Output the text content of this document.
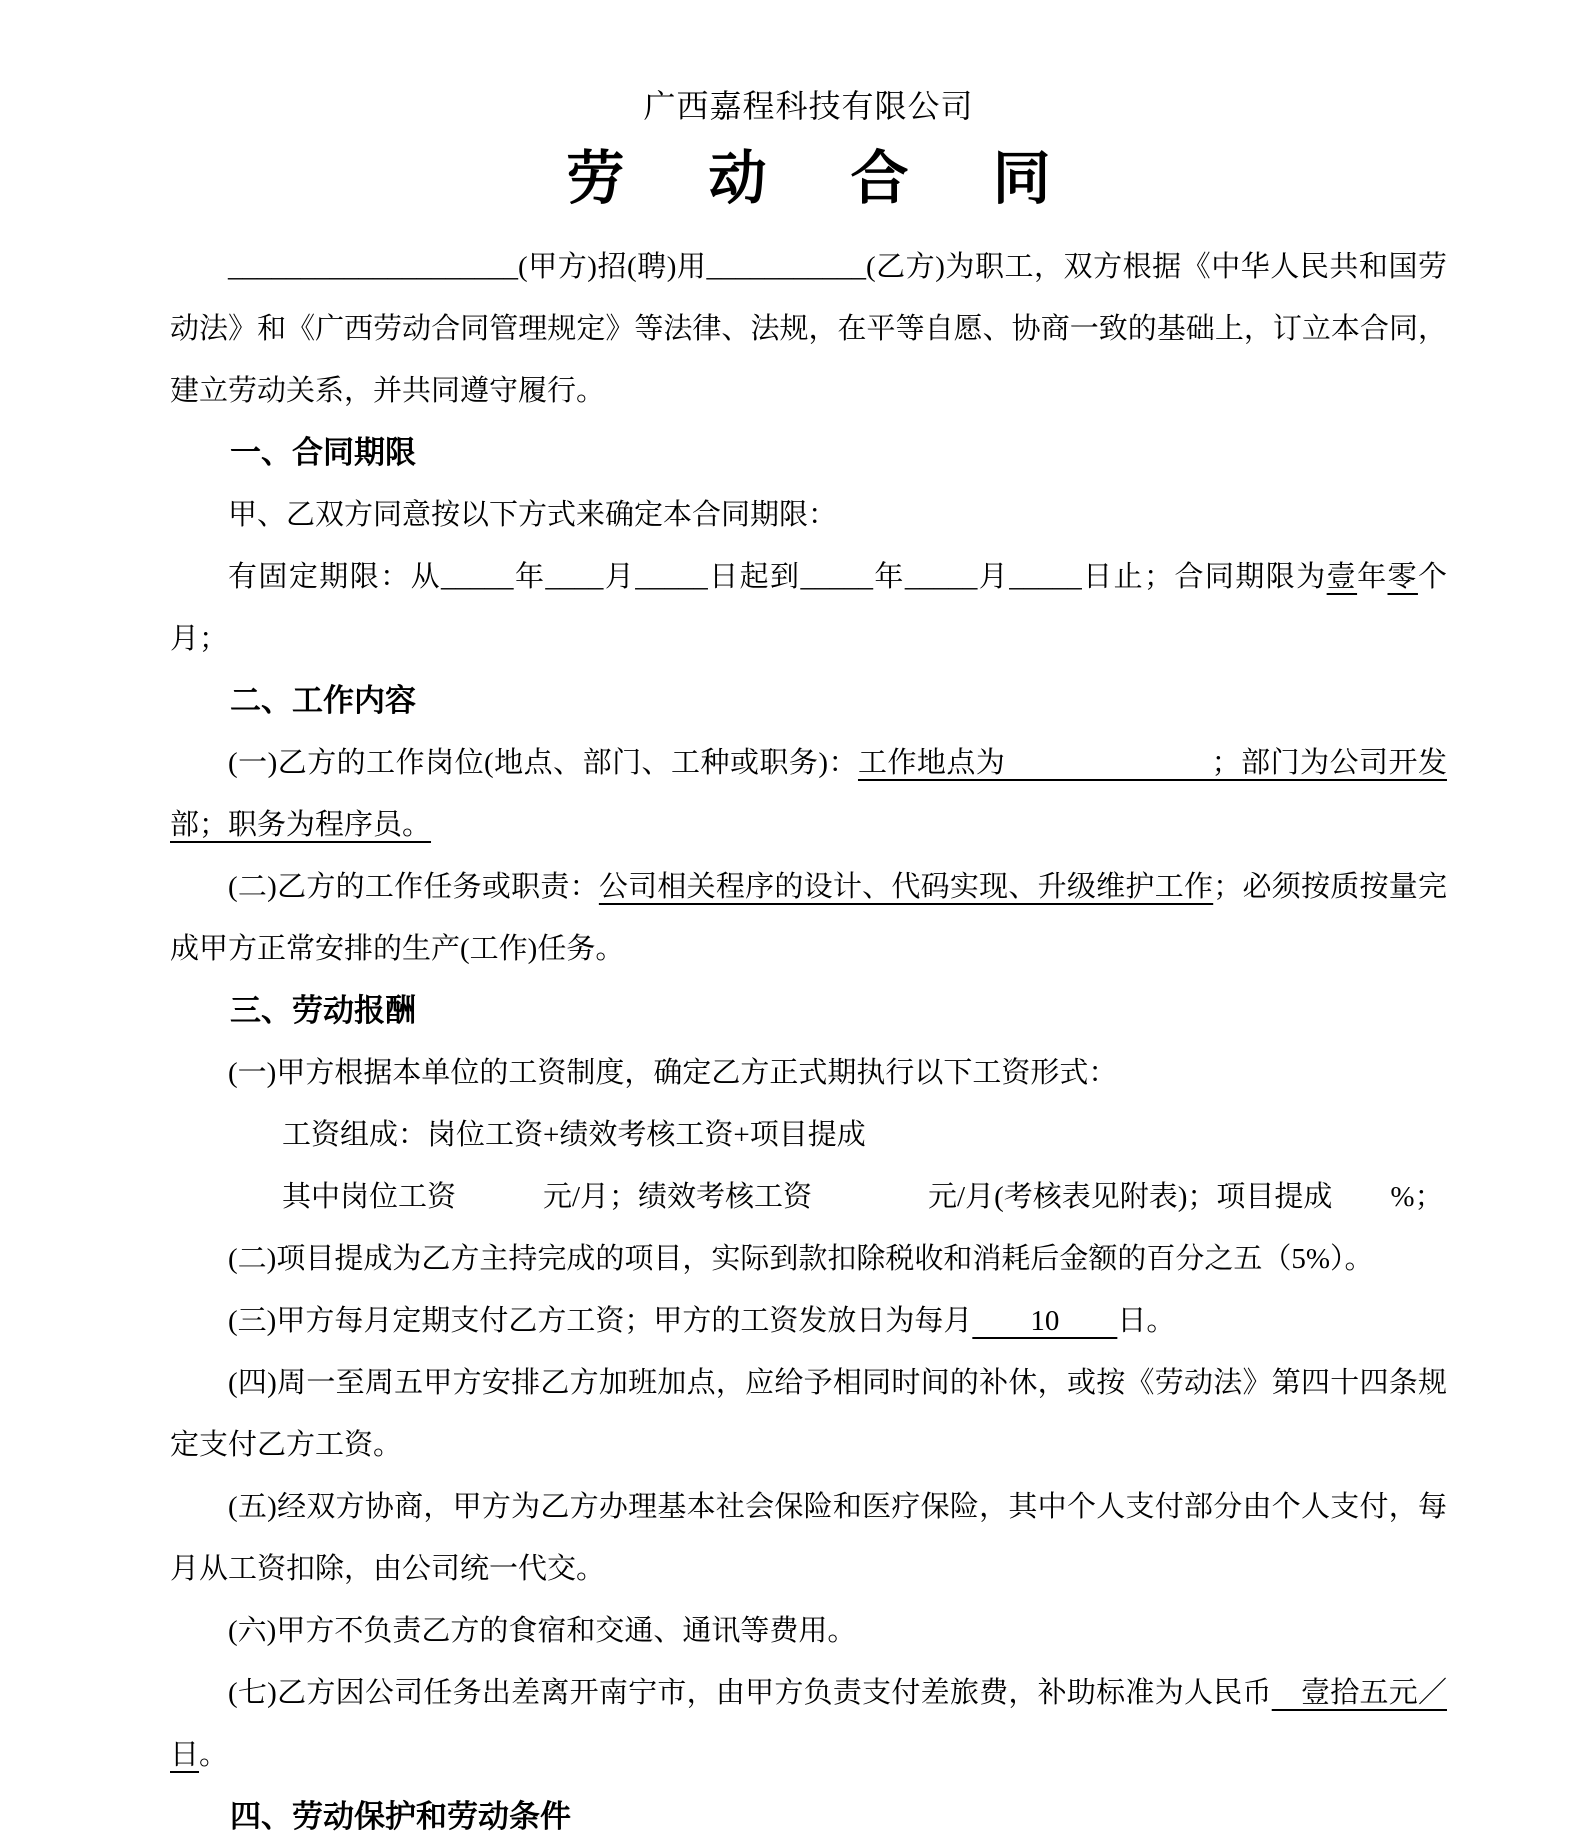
广西嘉程科技有限公司
劳 动 合 同

____________________(甲方)招(聘)用___________(乙方)为职工，双方根据《中华人民共和国劳动法》和《广西劳动合同管理规定》等法律、法规，在平等自愿、协商一致的基础上，订立本合同，建立劳动关系，并共同遵守履行。

一、合同期限

甲、乙双方同意按以下方式来确定本合同期限：

有固定期限：从_____年____月_____日起到_____年_____月_____日止；合同期限为壹年零个月；

二、工作内容

(一)乙方的工作岗位(地点、部门、工种或职务)：工作地点为　　　　　　　；部门为公司开发部；职务为程序员。

(二)乙方的工作任务或职责：公司相关程序的设计、代码实现、升级维护工作；必须按质按量完成甲方正常安排的生产(工作)任务。

三、劳动报酬

(一)甲方根据本单位的工资制度，确定乙方正式期执行以下工资形式：

工资组成：岗位工资+绩效考核工资+项目提成

其中岗位工资　　　元/月；绩效考核工资　　　　元/月(考核表见附表)；项目提成　　%；

(二)项目提成为乙方主持完成的项目，实际到款扣除税收和消耗后金额的百分之五（5%）。

(三)甲方每月定期支付乙方工资；甲方的工资发放日为每月　　10　　日。

(四)周一至周五甲方安排乙方加班加点，应给予相同时间的补休，或按《劳动法》第四十四条规定支付乙方工资。

(五)经双方协商，甲方为乙方办理基本社会保险和医疗保险，其中个人支付部分由个人支付，每月从工资扣除，由公司统一代交。

(六)甲方不负责乙方的食宿和交通、通讯等费用。

(七)乙方因公司任务出差离开南宁市，由甲方负责支付差旅费，补助标准为人民币　壹拾五元／日。

四、劳动保护和劳动条件
